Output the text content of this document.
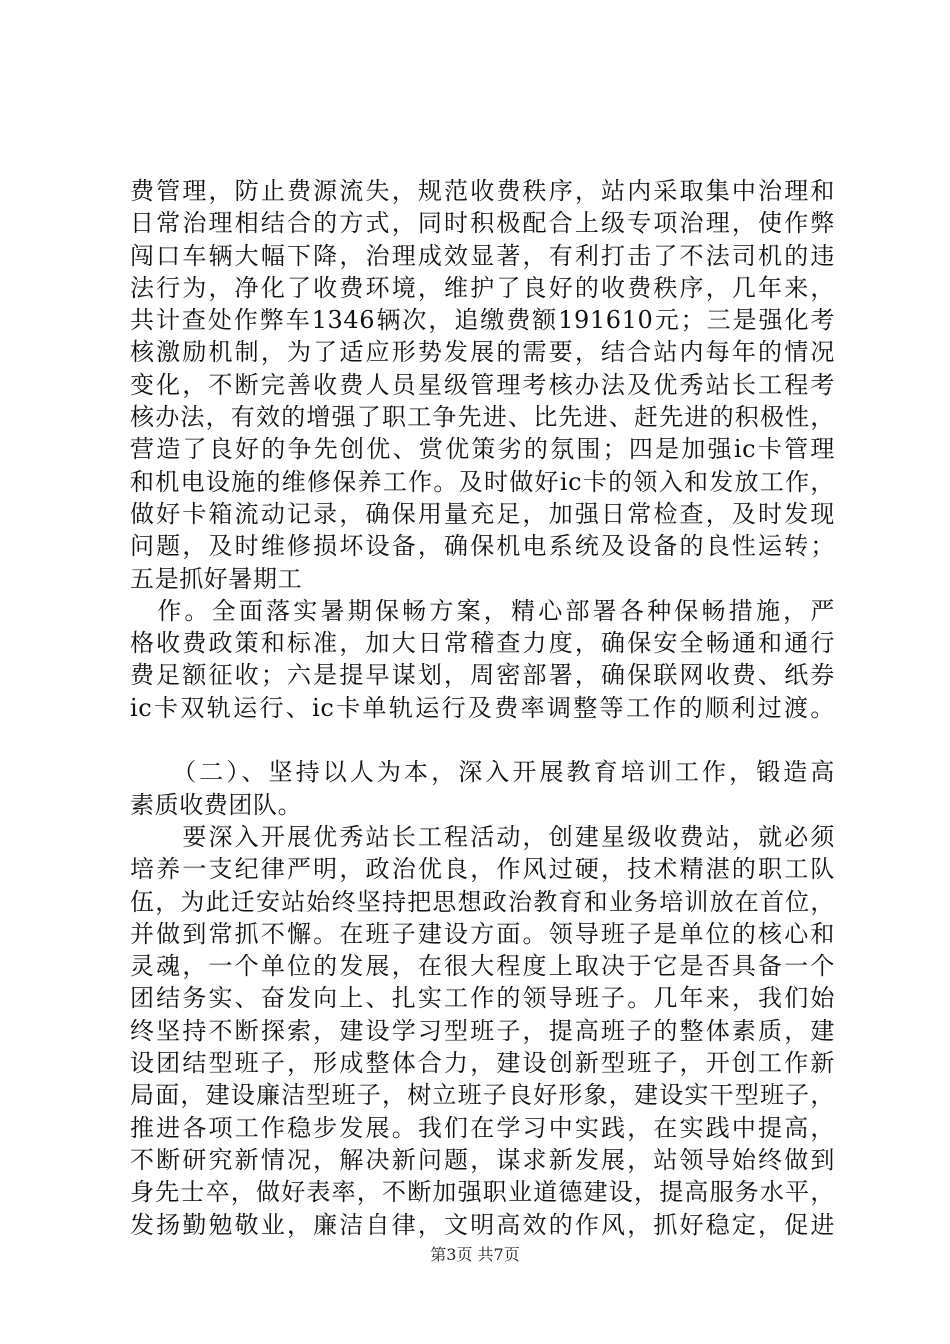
费管理，防止费源流失，规范收费秩序，站内采取集中治理和
日常治理相结合的方式，同时积极配合上级专项治理，使作弊
闯口车辆大幅下降，治理成效显著，有利打击了不法司机的违
法行为，净化了收费环境，维护了良好的收费秩序，几年来，
共计查处作弊车1346辆次，追缴费额191610元；三是强化考
核激励机制，为了适应形势发展的需要，结合站内每年的情况
变化，不断完善收费人员星级管理考核办法及优秀站长工程考
核办法，有效的增强了职工争先进、比先进、赶先进的积极性，
营造了良好的争先创优、赏优策劣的氛围；四是加强ic卡管理
和机电设施的维修保养工作。及时做好ic卡的领入和发放工作，
做好卡箱流动记录，确保用量充足，加强日常检查，及时发现
问题，及时维修损坏设备，确保机电系统及设备的良性运转；
五是抓好暑期工
　作。全面落实暑期保畅方案，精心部署各种保畅措施，严
格收费政策和标准，加大日常稽查力度，确保安全畅通和通行
费足额征收；六是提早谋划，周密部署，确保联网收费、纸券
ic卡双轨运行、ic卡单轨运行及费率调整等工作的顺利过渡。
　　（二）、坚持以人为本，深入开展教育培训工作，锻造高
素质收费团队。
　　要深入开展优秀站长工程活动，创建星级收费站，就必须
培养一支纪律严明，政治优良，作风过硬，技术精湛的职工队
伍，为此迁安站始终坚持把思想政治教育和业务培训放在首位，
并做到常抓不懈。在班子建设方面。领导班子是单位的核心和
灵魂，一个单位的发展，在很大程度上取决于它是否具备一个
团结务实、奋发向上、扎实工作的领导班子。几年来，我们始
终坚持不断探索，建设学习型班子，提高班子的整体素质，建
设团结型班子，形成整体合力，建设创新型班子，开创工作新
局面，建设廉洁型班子，树立班子良好形象，建设实干型班子，
推进各项工作稳步发展。我们在学习中实践，在实践中提高，
不断研究新情况，解决新问题，谋求新发展，站领导始终做到
身先士卒，做好表率，不断加强职业道德建设，提高服务水平，
发扬勤勉敬业，廉洁自律，文明高效的作风，抓好稳定，促进
第3页 共7页
